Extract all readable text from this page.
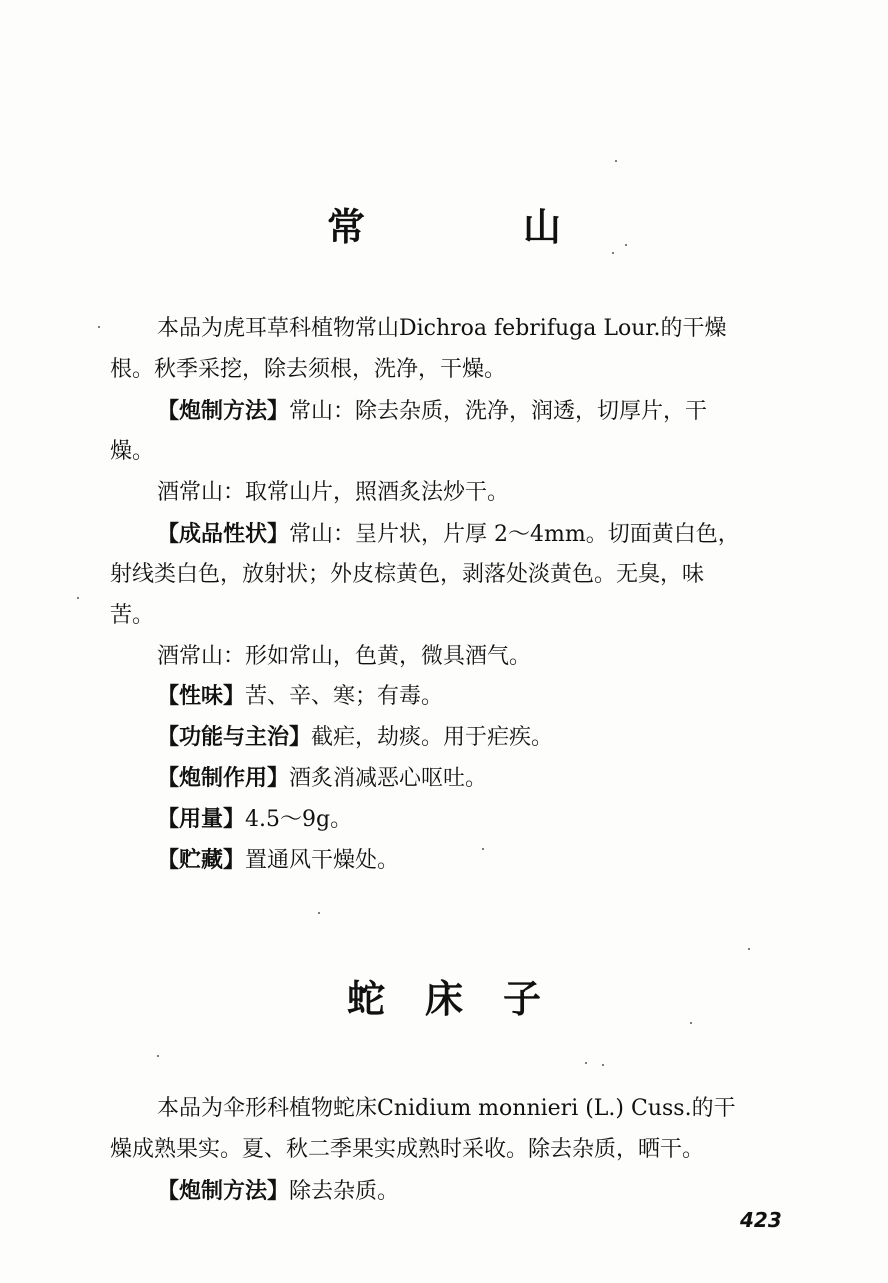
常　山
本品为虎耳草科植物常山Dichroa febrifuga Lour.的干燥
根。秋季采挖，除去须根，洗净，干燥。
【炮制方法】常山：除去杂质，洗净，润透，切厚片，干
燥。
酒常山：取常山片，照酒炙法炒干。
【成品性状】常山：呈片状，片厚 2～4mm。切面黄白色，
射线类白色，放射状；外皮棕黄色，剥落处淡黄色。无臭，味
苦。
酒常山：形如常山，色黄，微具酒气。
【性味】苦、辛、寒；有毒。
【功能与主治】截疟，劫痰。用于疟疾。
【炮制作用】酒炙消减恶心呕吐。
【用量】4.5～9g。
【贮藏】置通风干燥处。
蛇床子
本品为伞形科植物蛇床Cnidium monnieri (L.) Cuss.的干
燥成熟果实。夏、秋二季果实成熟时采收。除去杂质，晒干。
【炮制方法】除去杂质。
423
